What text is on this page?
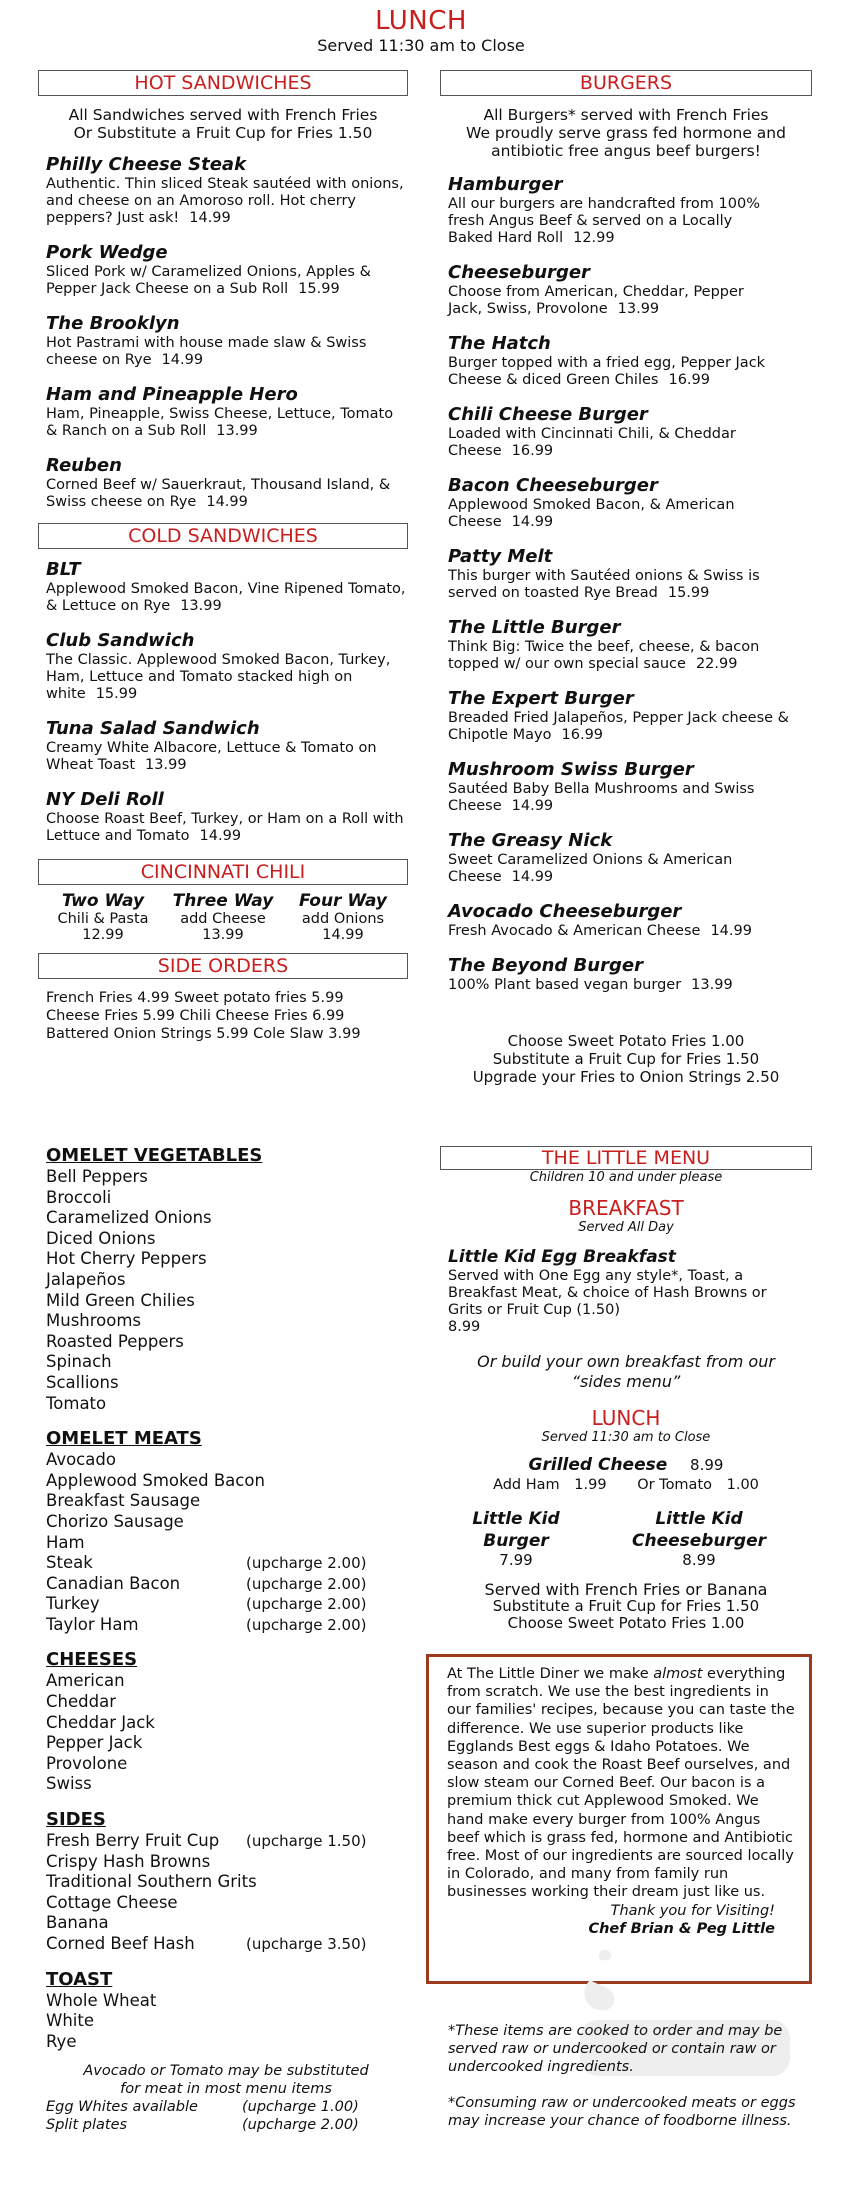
LUNCH
Served 11:30 am to Close
HOT SANDWICHES
All Sandwiches served with French Fries
Or Substitute a Fruit Cup for Fries 1.50
Philly Cheese Steak
Authentic. Thin sliced Steak sautéed with onions, and cheese on an Amoroso roll. Hot cherry peppers? Just ask! 14.99
Pork Wedge
Sliced Pork w/ Caramelized Onions, Apples & Pepper Jack Cheese on a Sub Roll 15.99
The Brooklyn
Hot Pastrami with house made slaw & Swiss cheese on Rye 14.99
Ham and Pineapple Hero
Ham, Pineapple, Swiss Cheese, Lettuce, Tomato & Ranch on a Sub Roll 13.99
Reuben
Corned Beef w/ Sauerkraut, Thousand Island, & Swiss cheese on Rye 14.99
COLD SANDWICHES
BLT
Applewood Smoked Bacon, Vine Ripened Tomato, & Lettuce on Rye 13.99
Club Sandwich
The Classic. Applewood Smoked Bacon, Turkey, Ham, Lettuce and Tomato stacked high on white 15.99
Tuna Salad Sandwich
Creamy White Albacore, Lettuce & Tomato on Wheat Toast 13.99
NY Deli Roll
Choose Roast Beef, Turkey, or Ham on a Roll with Lettuce and Tomato 14.99
CINCINNATI CHILI
Two Way
Chili & Pasta
12.99
Three Way
add Cheese
13.99
Four Way
add Onions
14.99
SIDE ORDERS
French Fries 4.99 Sweet potato fries 5.99
Cheese Fries 5.99 Chili Cheese Fries 6.99
Battered Onion Strings 5.99 Cole Slaw 3.99
BURGERS
All Burgers* served with French Fries
We proudly serve grass fed hormone and antibiotic free angus beef burgers!
Hamburger
All our burgers are handcrafted from 100% fresh Angus Beef & served on a Locally Baked Hard Roll 12.99
Cheeseburger
Choose from American, Cheddar, Pepper Jack, Swiss, Provolone 13.99
The Hatch
Burger topped with a fried egg, Pepper Jack Cheese & diced Green Chiles 16.99
Chili Cheese Burger
Loaded with Cincinnati Chili, & Cheddar Cheese 16.99
Bacon Cheeseburger
Applewood Smoked Bacon, & American Cheese 14.99
Patty Melt
This burger with Sautéed onions & Swiss is served on toasted Rye Bread 15.99
The Little Burger
Think Big: Twice the beef, cheese, & bacon topped w/ our own special sauce 22.99
The Expert Burger
Breaded Fried Jalapeños, Pepper Jack cheese & Chipotle Mayo 16.99
Mushroom Swiss Burger
Sautéed Baby Bella Mushrooms and Swiss Cheese 14.99
The Greasy Nick
Sweet Caramelized Onions & American Cheese 14.99
Avocado Cheeseburger
Fresh Avocado & American Cheese 14.99
The Beyond Burger
100% Plant based vegan burger 13.99
Choose Sweet Potato Fries 1.00
Substitute a Fruit Cup for Fries 1.50
Upgrade your Fries to Onion Strings 2.50
OMELET VEGETABLES
Bell Peppers
Broccoli
Caramelized Onions
Diced Onions
Hot Cherry Peppers
Jalapeños
Mild Green Chilies
Mushrooms
Roasted Peppers
Spinach
Scallions
Tomato
OMELET MEATS
Avocado
Applewood Smoked Bacon
Breakfast Sausage
Chorizo Sausage
Ham
Steak	(upcharge 2.00)
Canadian Bacon	(upcharge 2.00)
Turkey	(upcharge 2.00)
Taylor Ham	(upcharge 2.00)
CHEESES
American
Cheddar
Cheddar Jack
Pepper Jack
Provolone
Swiss
SIDES
Fresh Berry Fruit Cup	(upcharge 1.50)
Crispy Hash Browns
Traditional Southern Grits
Cottage Cheese
Banana
Corned Beef Hash	(upcharge 3.50)
TOAST
Whole Wheat
White
Rye
Avocado or Tomato may be substituted
for meat in most menu items
Egg Whites available	(upcharge 1.00)
Split plates	(upcharge 2.00)
THE LITTLE MENU
Children 10 and under please
BREAKFAST
Served All Day
Little Kid Egg Breakfast
Served with One Egg any style*, Toast, a Breakfast Meat, & choice of Hash Browns or Grits or Fruit Cup (1.50)
8.99
Or build your own breakfast from our
“sides menu”
LUNCH
Served 11:30 am to Close
Grilled Cheese 8.99
Add Ham 1.99 Or Tomato 1.00
Little Kid Burger
7.99
Little Kid Cheeseburger
8.99
Served with French Fries or Banana
Substitute a Fruit Cup for Fries 1.50
Choose Sweet Potato Fries 1.00
At The Little Diner we make almost everything from scratch. We use the best ingredients in our families' recipes, because you can taste the difference. We use superior products like Egglands Best eggs & Idaho Potatoes. We season and cook the Roast Beef ourselves, and slow steam our Corned Beef. Our bacon is a premium thick cut Applewood Smoked. We hand make every burger from 100% Angus beef which is grass fed, hormone and Antibiotic free. Most of our ingredients are sourced locally in Colorado, and many from family run businesses working their dream just like us.
Thank you for Visiting!
Chef Brian & Peg Little
*These items are cooked to order and may be served raw or undercooked or contain raw or undercooked ingredients.
*Consuming raw or undercooked meats or eggs may increase your chance of foodborne illness.
